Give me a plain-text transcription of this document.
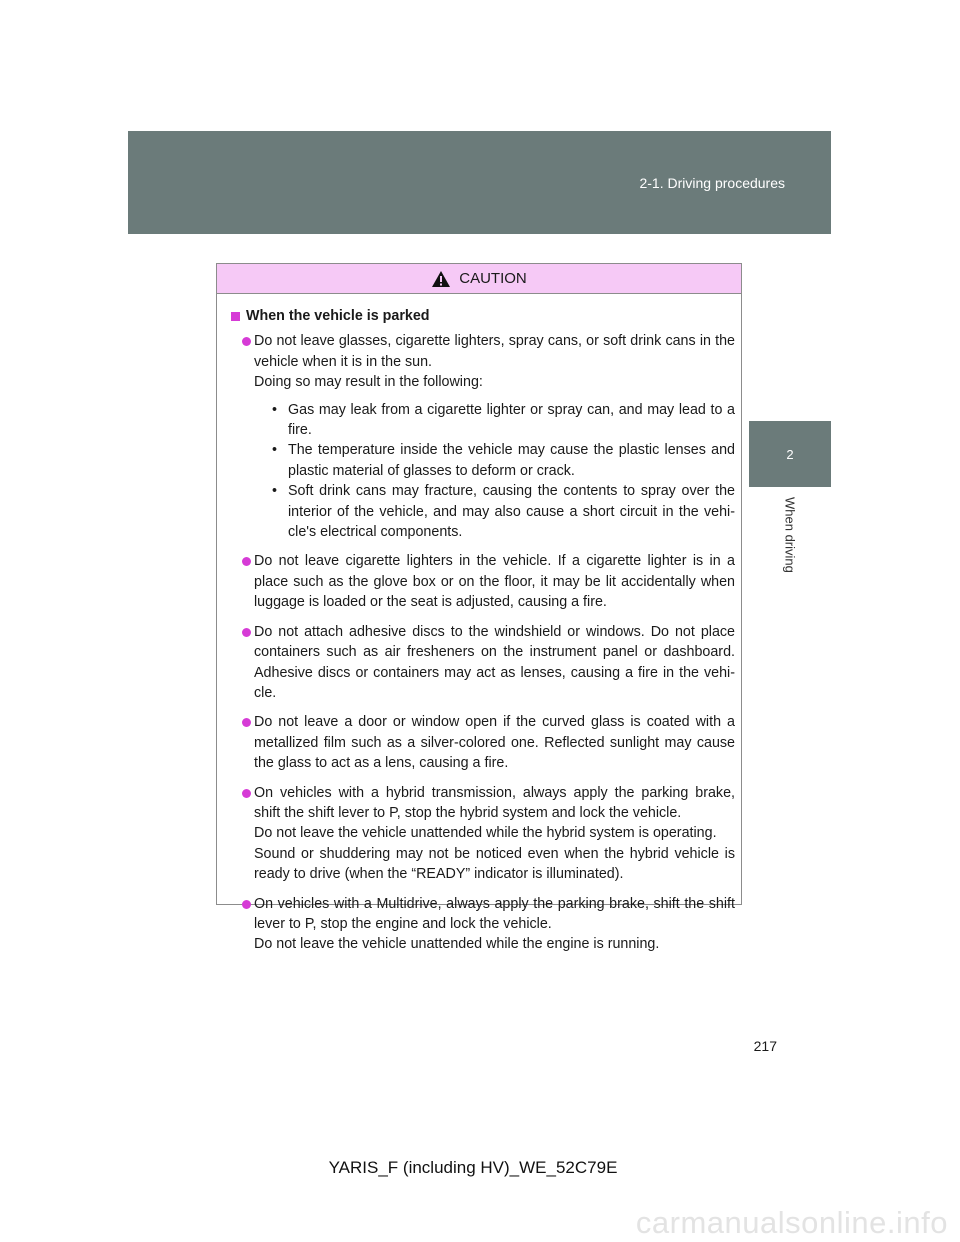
2-1. Driving procedures
2
When driving
CAUTION
When the vehicle is parked
Do not leave glasses, cigarette lighters, spray cans, or soft drink cans in the vehicle when it is in the sun.
Doing so may result in the following:
• Gas may leak from a cigarette lighter or spray can, and may lead to a fire.
• The temperature inside the vehicle may cause the plastic lenses and plastic material of glasses to deform or crack.
• Soft drink cans may fracture, causing the contents to spray over the interior of the vehicle, and may also cause a short circuit in the vehi-cle's electrical components.
Do not leave cigarette lighters in the vehicle. If a cigarette lighter is in a place such as the glove box or on the floor, it may be lit accidentally when luggage is loaded or the seat is adjusted, causing a fire.
Do not attach adhesive discs to the windshield or windows. Do not place containers such as air fresheners on the instrument panel or dashboard. Adhesive discs or containers may act as lenses, causing a fire in the vehi-cle.
Do not leave a door or window open if the curved glass is coated with a metallized film such as a silver-colored one. Reflected sunlight may cause the glass to act as a lens, causing a fire.
On vehicles with a hybrid transmission, always apply the parking brake, shift the shift lever to P, stop the hybrid system and lock the vehicle.
Do not leave the vehicle unattended while the hybrid system is operating.
Sound or shuddering may not be noticed even when the hybrid vehicle is ready to drive (when the “READY” indicator is illuminated).
On vehicles with a Multidrive, always apply the parking brake, shift the shift lever to P, stop the engine and lock the vehicle.
Do not leave the vehicle unattended while the engine is running.
217
YARIS_F (including HV)_WE_52C79E
carmanualsonline.info
